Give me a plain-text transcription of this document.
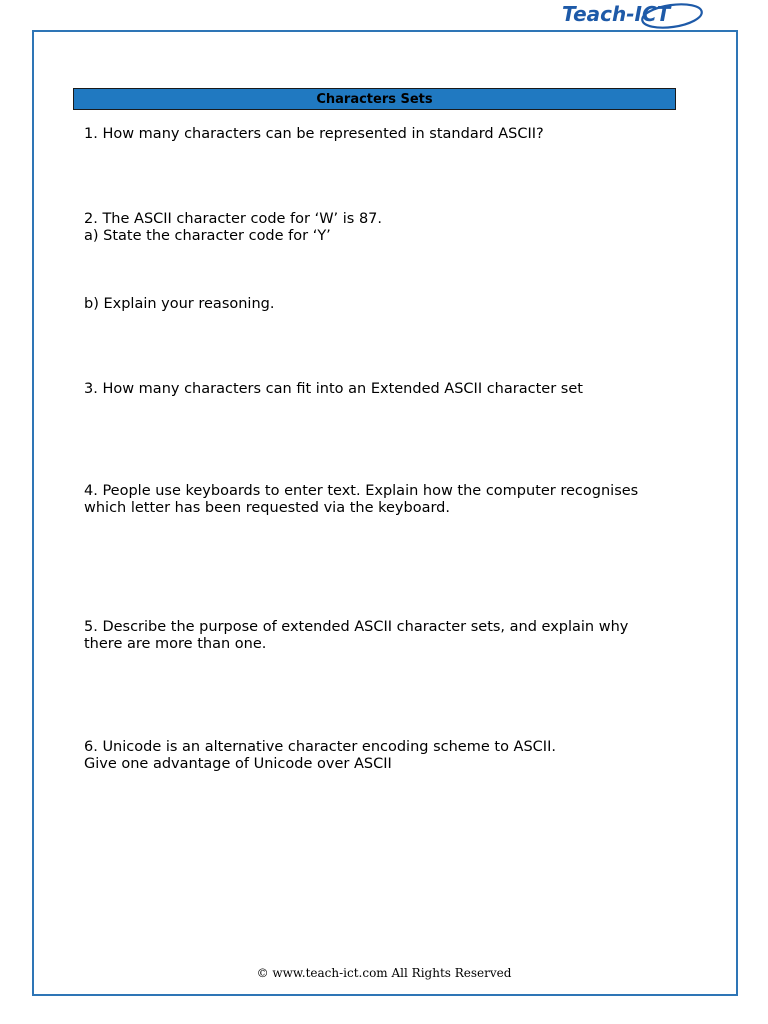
Teach-ICT
Characters Sets
1. How many characters can be represented in standard ASCII?
2. The ASCII character code for ‘W’ is 87.
a) State the character code for ‘Y’
b) Explain your reasoning.
3. How many characters can fit into an Extended ASCII character set
4. People use keyboards to enter text. Explain how the computer recognises
which letter has been requested via the keyboard.
5. Describe the purpose of extended ASCII character sets, and explain why
there are more than one.
6. Unicode is an alternative character encoding scheme to ASCII.
Give one advantage of Unicode over ASCII
© www.teach-ict.com All Rights Reserved
